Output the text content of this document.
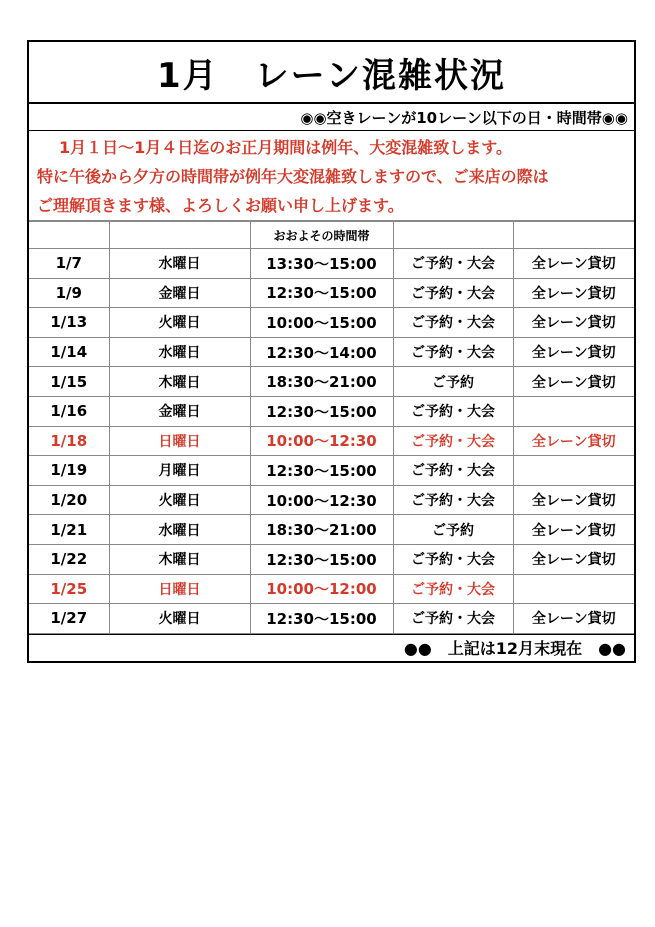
1月　レーン混雑状況
◉◉空きレーンが10レーン以下の日・時間帯◉◉
1月１日～1月４日迄のお正月期間は例年、大変混雑致します。
特に午後から夕方の時間帯が例年大変混雑致しますので、ご来店の際は
ご理解頂きます様、よろしくお願い申し上げます。
		おおよその時間帯		
1/7	水曜日	13:30～15:00	ご予約・大会	全レーン貸切
1/9	金曜日	12:30～15:00	ご予約・大会	全レーン貸切
1/13	火曜日	10:00～15:00	ご予約・大会	全レーン貸切
1/14	水曜日	12:30～14:00	ご予約・大会	全レーン貸切
1/15	木曜日	18:30～21:00	ご予約	全レーン貸切
1/16	金曜日	12:30～15:00	ご予約・大会	
1/18	日曜日	10:00～12:30	ご予約・大会	全レーン貸切
1/19	月曜日	12:30～15:00	ご予約・大会	
1/20	火曜日	10:00～12:30	ご予約・大会	全レーン貸切
1/21	水曜日	18:30～21:00	ご予約	全レーン貸切
1/22	木曜日	12:30～15:00	ご予約・大会	全レーン貸切
1/25	日曜日	10:00～12:00	ご予約・大会	
1/27	火曜日	12:30～15:00	ご予約・大会	全レーン貸切
●●　上記は12月末現在　●●
